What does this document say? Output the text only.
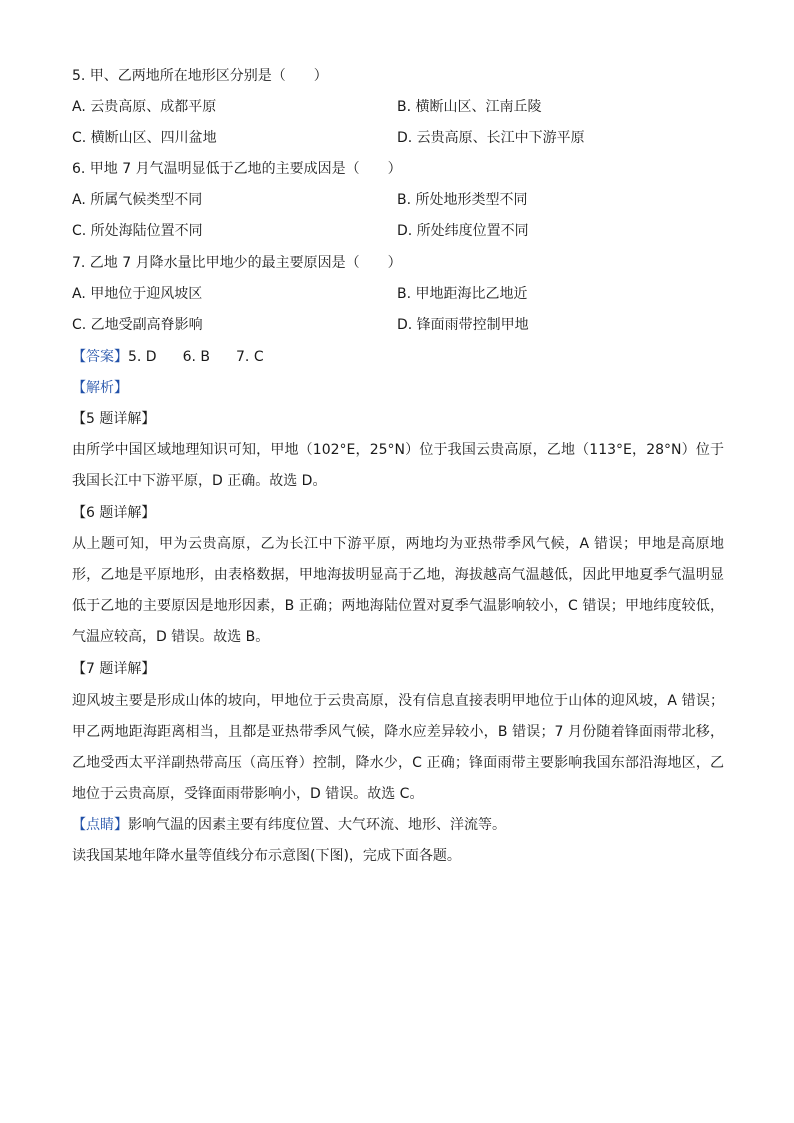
5. 甲、乙两地所在地形区分别是（　　）
A. 云贵高原、成都平原	B. 横断山区、江南丘陵
C. 横断山区、四川盆地	D. 云贵高原、长江中下游平原
6. 甲地 7 月气温明显低于乙地的主要成因是（　　）
A. 所属气候类型不同	B. 所处地形类型不同
C. 所处海陆位置不同	D. 所处纬度位置不同
7. 乙地 7 月降水量比甲地少的最主要原因是（　　）
A. 甲地位于迎风坡区	B. 甲地距海比乙地近
C. 乙地受副高脊影响	D. 锋面雨带控制甲地
【答案】5. D 6. B 7. C
【解析】
【5 题详解】
由所学中国区域地理知识可知，甲地（102°E，25°N）位于我国云贵高原，乙地（113°E，28°N）位于我国长江中下游平原，D 正确。故选 D。
【6 题详解】
从上题可知，甲为云贵高原，乙为长江中下游平原，两地均为亚热带季风气候，A 错误；甲地是高原地形，乙地是平原地形，由表格数据，甲地海拔明显高于乙地，海拔越高气温越低，因此甲地夏季气温明显低于乙地的主要原因是地形因素，B 正确；两地海陆位置对夏季气温影响较小，C 错误；甲地纬度较低，气温应较高，D 错误。故选 B。
【7 题详解】
迎风坡主要是形成山体的坡向，甲地位于云贵高原，没有信息直接表明甲地位于山体的迎风坡，A 错误；甲乙两地距海距离相当，且都是亚热带季风气候，降水应差异较小，B 错误；7 月份随着锋面雨带北移，乙地受西太平洋副热带高压（高压脊）控制，降水少，C 正确；锋面雨带主要影响我国东部沿海地区，乙地位于云贵高原，受锋面雨带影响小，D 错误。故选 C。
【点睛】影响气温的因素主要有纬度位置、大气环流、地形、洋流等。
读我国某地年降水量等值线分布示意图(下图)，完成下面各题。
